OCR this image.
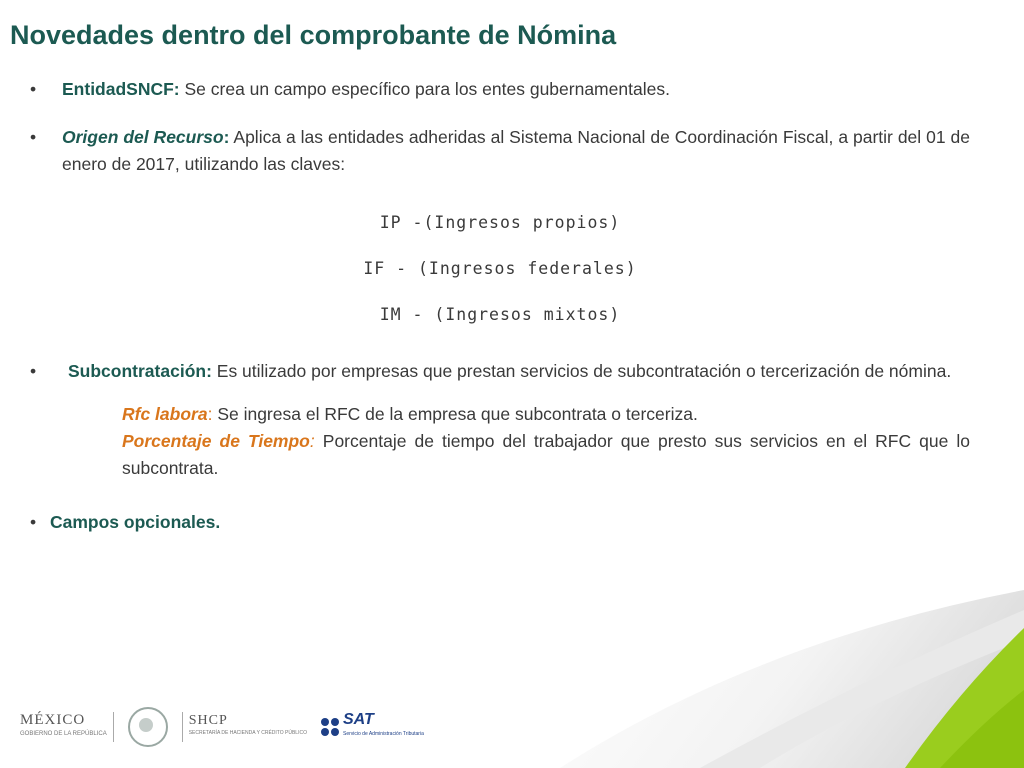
Novedades dentro del comprobante de Nómina
• EntidadSNCF: Se crea un campo específico para los entes gubernamentales.
• Origen del Recurso: Aplica a las entidades adheridas al Sistema Nacional de Coordinación Fiscal, a partir del 01 de enero de 2017, utilizando las claves:
IP -(Ingresos propios)
IF - (Ingresos federales)
IM - (Ingresos mixtos)
• Subcontratación: Es utilizado por empresas que prestan servicios de subcontratación o tercerización de nómina.
Rfc labora: Se ingresa el RFC de la empresa que subcontrata o terceriza.
Porcentaje de Tiempo: Porcentaje de tiempo del trabajador que presto sus servicios en el RFC que lo subcontrata.
• Campos opcionales.
MÉXICO
GOBIERNO DE LA REPÚBLICA
SHCP
SECRETARÍA DE HACIENDA Y CRÉDITO PÚBLICO
SAT
Servicio de Administración Tributaria
